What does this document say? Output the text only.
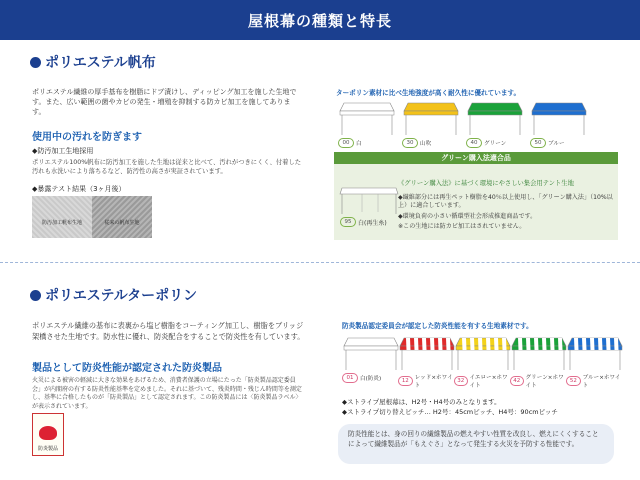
屋根幕の種類と特長
ポリエステル帆布
ポリエステル繊維の厚手基布を樹脂にドブ漬けし、ディッピング加工を施した生地です。また、広い範囲の菌やカビの発生・増殖を抑制する防カビ加工を施してあります。
使用中の汚れを防ぎます
◆防汚加工生地採用
ポリエステル100%帆布に防汚加工を施した生地は従来と比べて、汚れがつきにくく、付着した汚れも水洗いにより落ちるなど、防汚性の高さが実証されています。
◆暴露テスト結果（3ヶ月後）
防汚加工帆布生地	従来の帆布生地
ターポリン素材に比べ生地強度が高く耐久性に優れています。
00	白	30	山吹	40	グリーン	50	ブルー
グリーン購入法適合品
95	白(再生糸)
《グリーン購入法》に基づく環境にやさしい集会用テント生地
◆繊維部分には再生ペット樹脂を40％以上使用し、「グリーン購入法」（10%以上）に適合しています。
◆環境負荷の小さい循環型社会形成推進商品です。
※この生地には防カビ加工はされていません。
ポリエステルターポリン
ポリエステル繊維の基布に表裏から塩ビ樹脂をコーティング加工し、樹脂をブリッジ架橋させた生地です。防水性に優れ、防炎配合をすることで防炎性を有しています。
製品として防炎性能が認定された防炎製品
火災による被害の軽減に大きな効果をあげるため、消費者保護の立場にたった「防炎製品認定委員会」が内閣府の有する防炎性能基準を定めました。それに基づいて、残炎時間・残じん時間等を測定し、基準に合格したものが「防炎製品」として認定されます。この防炎製品には〈防炎製品ラベル〉が表示されています。
防炎製品
防炎製品認定委員会が認定した防炎性能を有する生地素材です。
01	白(防炎)	12	レッド×ホワイト
32 イエロー×ホワイト
42 グリーン×ホワイト
52	ブルー×ホワイト
◆ストライプ屋根幕は、H2号・H4号のみとなります。
◆ストライプ切り替えピッチ… H2号：45cmピッチ、H4号：90cmピッチ
防炎性能とは、身の回りの繊維製品の燃えやすい性質を改良し、燃えにくくすることによって繊維製品が「もえぐさ」となって発生する火災を予防する性能です。
